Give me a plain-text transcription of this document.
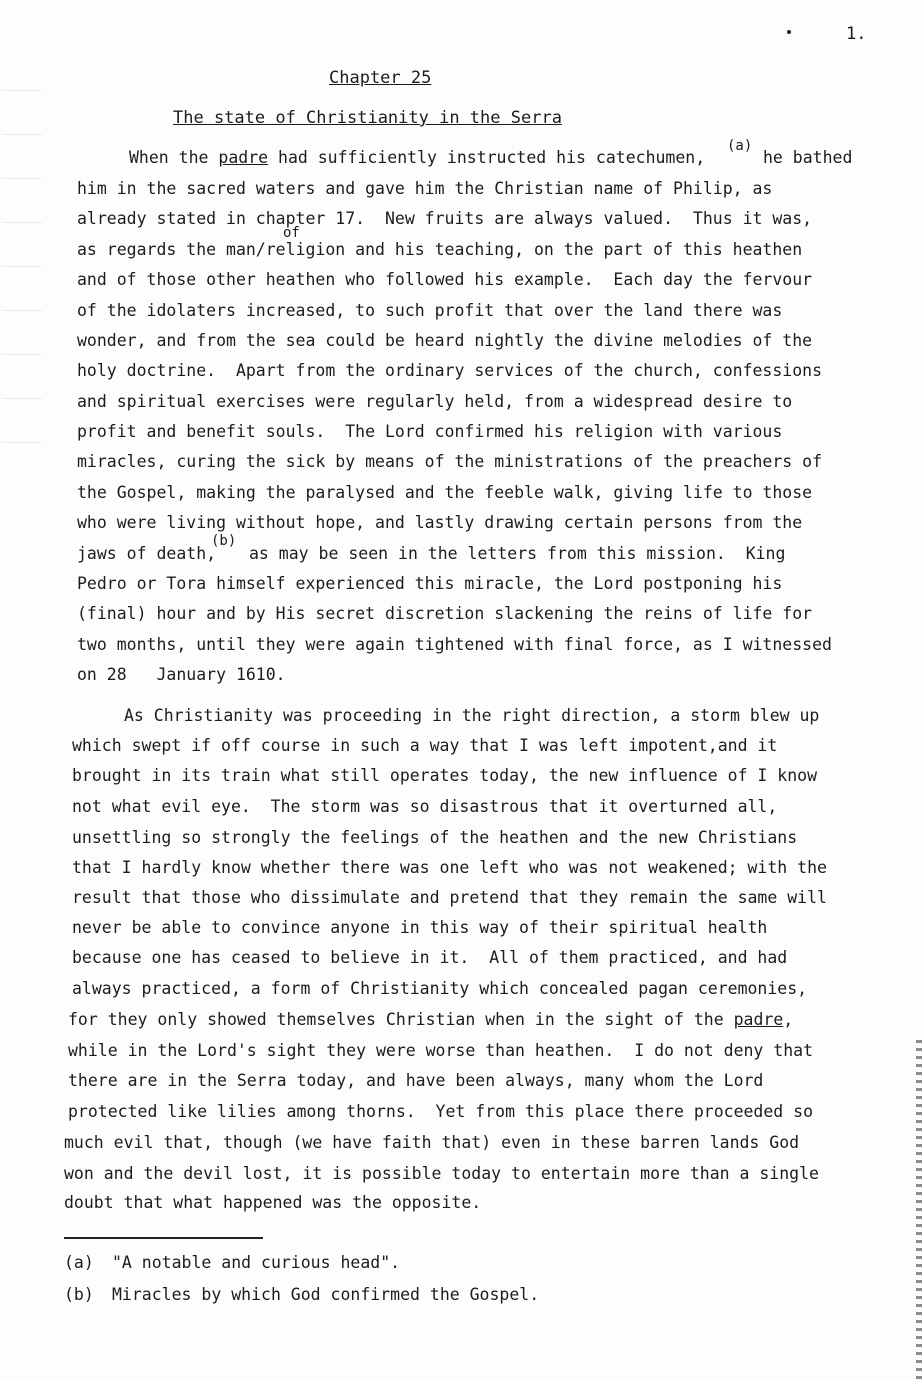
1.
Chapter 25
The state of Christianity in the Serra
When the padre had sufficiently instructed his catechumen,
(a)
he bathed
him in the sacred waters and gave him the Christian name of Philip, as
already stated in chapter 17.  New fruits are always valued.  Thus it was,
of
as regards the man/religion and his teaching, on the part of this heathen
and of those other heathen who followed his example.  Each day the fervour
of the idolaters increased, to such profit that over the land there was
wonder, and from the sea could be heard nightly the divine melodies of the
holy doctrine.  Apart from the ordinary services of the church, confessions
and spiritual exercises were regularly held, from a widespread desire to
profit and benefit souls.  The Lord confirmed his religion with various
miracles, curing the sick by means of the ministrations of the preachers of
the Gospel, making the paralysed and the feeble walk, giving life to those
who were living without hope, and lastly drawing certain persons from the
jaws of death,
(b)
as may be seen in the letters from this mission.  King
Pedro or Tora himself experienced this miracle, the Lord postponing his
(final) hour and by His secret discretion slackening the reins of life for
two months, until they were again tightened with final force, as I witnessed
on 28   January 1610.
As Christianity was proceeding in the right direction, a storm blew up
which swept if off course in such a way that I was left impotent,and it
brought in its train what still operates today, the new influence of I know
not what evil eye.  The storm was so disastrous that it overturned all,
unsettling so strongly the feelings of the heathen and the new Christians
that I hardly know whether there was one left who was not weakened; with the
result that those who dissimulate and pretend that they remain the same will
never be able to convince anyone in this way of their spiritual health
because one has ceased to believe in it.  All of them practiced, and had
always practiced, a form of Christianity which concealed pagan ceremonies,
for they only showed themselves Christian when in the sight of the padre,
while in the Lord's sight they were worse than heathen.  I do not deny that
there are in the Serra today, and have been always, many whom the Lord
protected like lilies among thorns.  Yet from this place there proceeded so
much evil that, though (we have faith that) even in these barren lands God
won and the devil lost, it is possible today to entertain more than a single
doubt that what happened was the opposite.
(a) "A notable and curious head".
(b) Miracles by which God confirmed the Gospel.
